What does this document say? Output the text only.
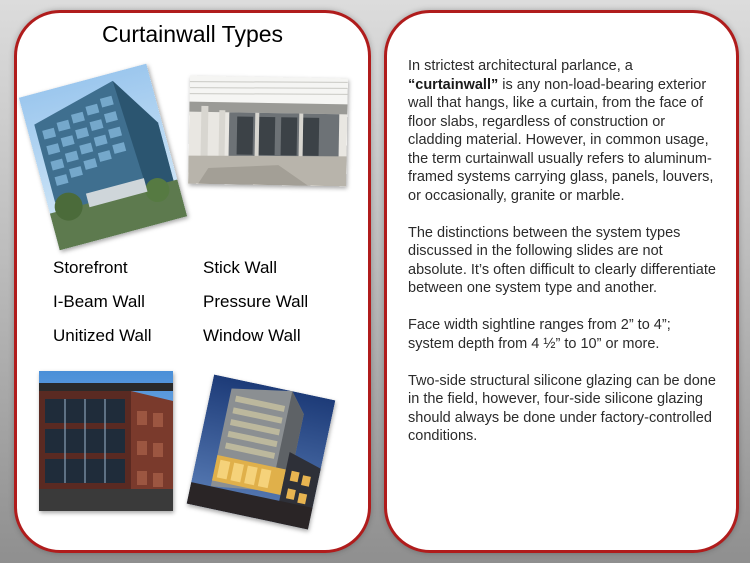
Curtainwall Types
Storefront	Stick Wall
I-Beam Wall	Pressure Wall
Unitized Wall	Window Wall

In strictest architectural parlance, a “curtainwall” is any non-load-bearing exterior wall that hangs, like a curtain, from the face of floor slabs, regardless of construction or cladding material. However, in common usage, the term curtainwall usually refers to aluminum-framed systems carrying glass, panels, louvers, or occasionally, granite or marble.

The distinctions between the system types discussed in the following slides are not absolute. It’s often difficult to clearly differentiate between one system type and another.

Face width sightline ranges from 2” to 4”; system depth from 4 ½” to 10” or more.

Two-side structural silicone glazing can be done in the field, however, four-side silicone glazing should always be done under factory-controlled conditions.
